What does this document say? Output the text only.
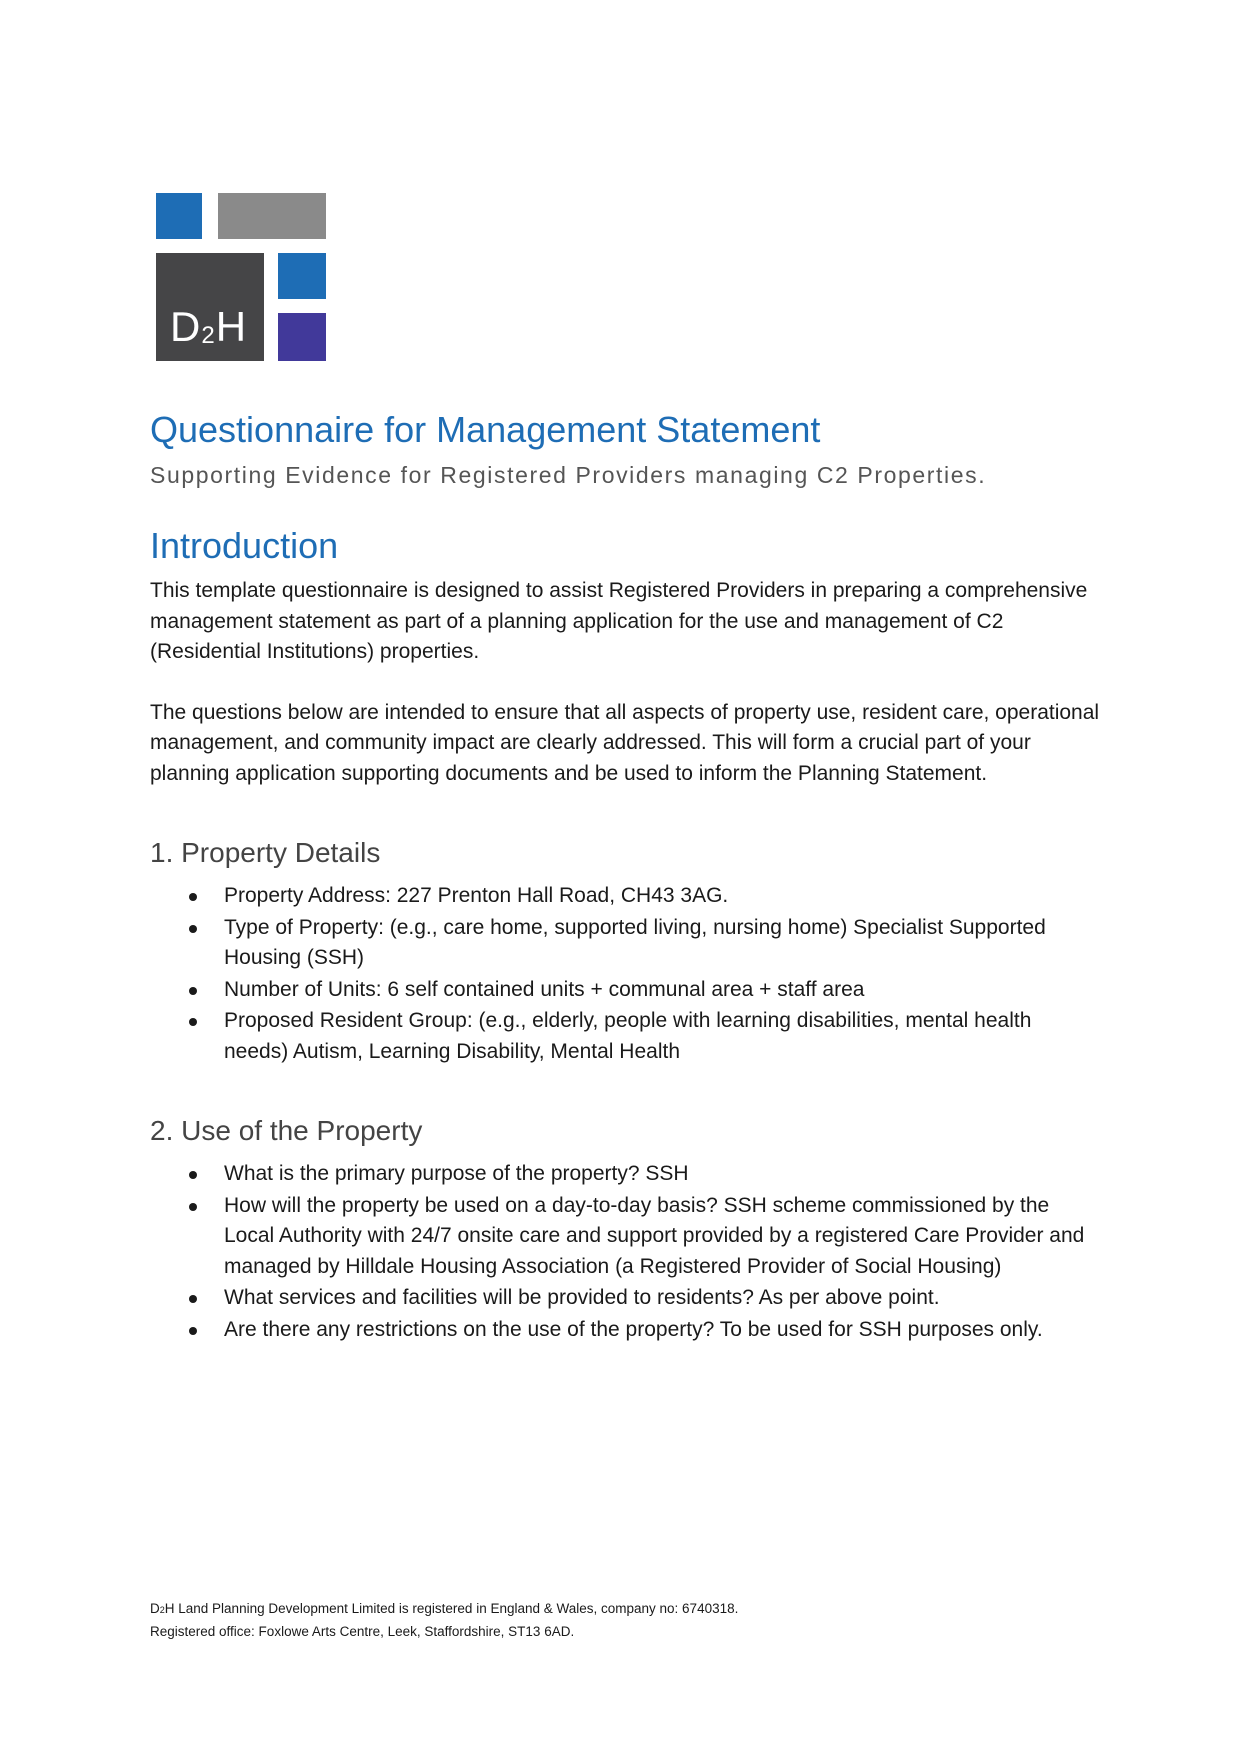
D2H
Questionnaire for Management Statement

Supporting Evidence for Registered Providers managing C2 Properties.

Introduction

This template questionnaire is designed to assist Registered Providers in preparing a comprehensive management statement as part of a planning application for the use and management of C2 (Residential Institutions) properties.

The questions below are intended to ensure that all aspects of property use, resident care, operational management, and community impact are clearly addressed. This will form a crucial part of your planning application supporting documents and be used to inform the Planning Statement.

1. Property Details
Property Address: 227 Prenton Hall Road, CH43 3AG.
Type of Property: (e.g., care home, supported living, nursing home) Specialist Supported Housing (SSH)
Number of Units: 6 self contained units + communal area + staff area
Proposed Resident Group: (e.g., elderly, people with learning disabilities, mental health needs) Autism, Learning Disability, Mental Health
2. Use of the Property
What is the primary purpose of the property? SSH
How will the property be used on a day-to-day basis? SSH scheme commissioned by the Local Authority with 24/7 onsite care and support provided by a registered Care Provider and managed by Hilldale Housing Association (a Registered Provider of Social Housing)
What services and facilities will be provided to residents? As per above point.
Are there any restrictions on the use of the property? To be used for SSH purposes only.
D2H Land Planning Development Limited is registered in England & Wales, company no: 6740318.
Registered office: Foxlowe Arts Centre, Leek, Staffordshire, ST13 6AD.
